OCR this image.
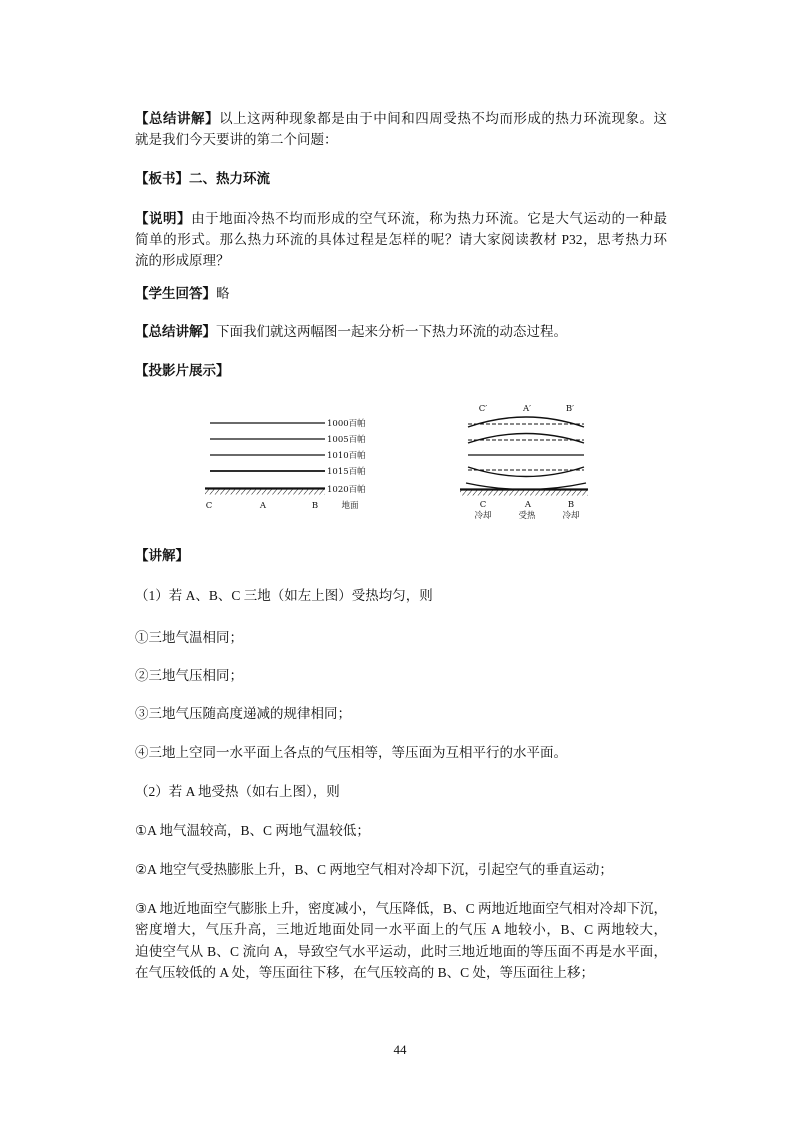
【总结讲解】以上这两种现象都是由于中间和四周受热不均而形成的热力环流现象。这
就是我们今天要讲的第二个问题：
【板书】二、热力环流
【说明】由于地面冷热不均而形成的空气环流，称为热力环流。它是大气运动的一种最
简单的形式。那么热力环流的具体过程是怎样的呢？请大家阅读教材 P32，思考热力环
流的形成原理？
【学生回答】略
【总结讲解】下面我们就这两幅图一起来分析一下热力环流的动态过程。
【投影片展示】
1000百帕
1005百帕
1010百帕
1015百帕
1020百帕
C	A	B	地面
C′	A′	B′
C	A	B
冷却	受热	冷却
【讲解】
（1）若 A、B、C 三地（如左上图）受热均匀，则
①三地气温相同；
②三地气压相同；
③三地气压随高度递减的规律相同；
④三地上空同一水平面上各点的气压相等，等压面为互相平行的水平面。
（2）若 A 地受热（如右上图），则
①A 地气温较高，B、C 两地气温较低；
②A 地空气受热膨胀上升，B、C 两地空气相对冷却下沉，引起空气的垂直运动；
③A 地近地面空气膨胀上升，密度减小，气压降低，B、C 两地近地面空气相对冷却下沉，
密度增大，气压升高，三地近地面处同一水平面上的气压 A 地较小，B、C 两地较大，
迫使空气从 B、C 流向 A，导致空气水平运动，此时三地近地面的等压面不再是水平面，
在气压较低的 A 处，等压面往下移，在气压较高的 B、C 处，等压面往上移；
44
